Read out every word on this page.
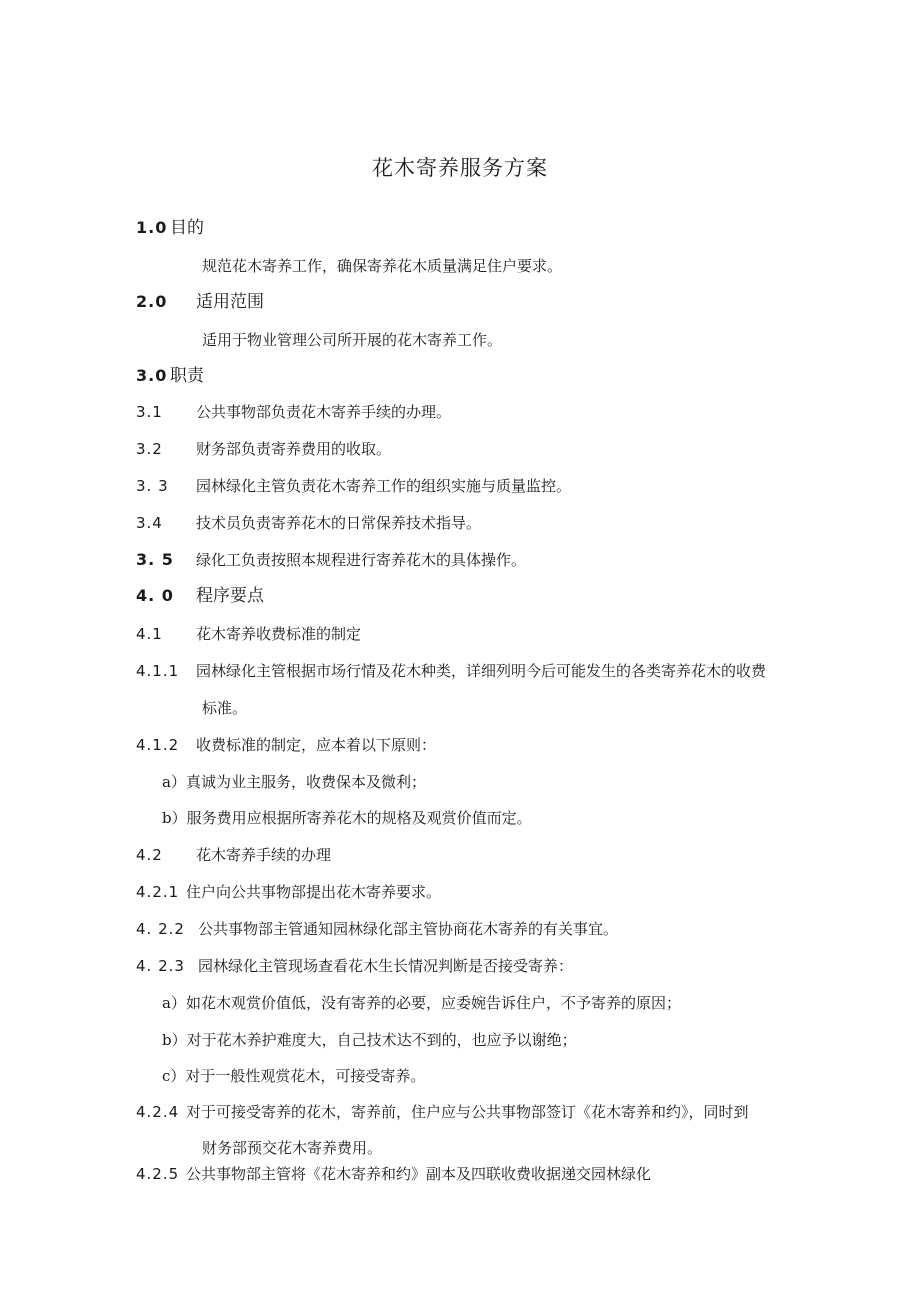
花木寄养服务方案
1.0 目的
规范花木寄养工作，确保寄养花木质量满足住户要求。
2.0 适用范围
适用于物业管理公司所开展的花木寄养工作。
3.0 职责
3.1 公共事物部负责花木寄养手续的办理。
3.2 财务部负责寄养费用的收取。
3. 3 园林绿化主管负责花木寄养工作的组织实施与质量监控。
3.4 技术员负责寄养花木的日常保养技术指导。
3. 5 绿化工负责按照本规程进行寄养花木的具体操作。
4. 0 程序要点
4.1 花木寄养收费标准的制定
4.1.1 园林绿化主管根据市场行情及花木种类，详细列明今后可能发生的各类寄养花木的收费
标准。
4.1.2 收费标准的制定，应本着以下原则：
a）真诚为业主服务，收费保本及微利；
b）服务费用应根据所寄养花木的规格及观赏价值而定。
4.2 花木寄养手续的办理
4.2.1 住户向公共事物部提出花木寄养要求。
4. 2.2 公共事物部主管通知园林绿化部主管协商花木寄养的有关事宜。
4. 2.3 园林绿化主管现场查看花木生长情况判断是否接受寄养：
a）如花木观赏价值低，没有寄养的必要，应委婉告诉住户，不予寄养的原因；
b）对于花木养护难度大，自己技术达不到的，也应予以谢绝；
c）对于一般性观赏花木，可接受寄养。
4.2.4 对于可接受寄养的花木，寄养前，住户应与公共事物部签订《花木寄养和约》，同时到
财务部预交花木寄养费用。
4.2.5 公共事物部主管将《花木寄养和约》副本及四联收费收据递交园林绿化
